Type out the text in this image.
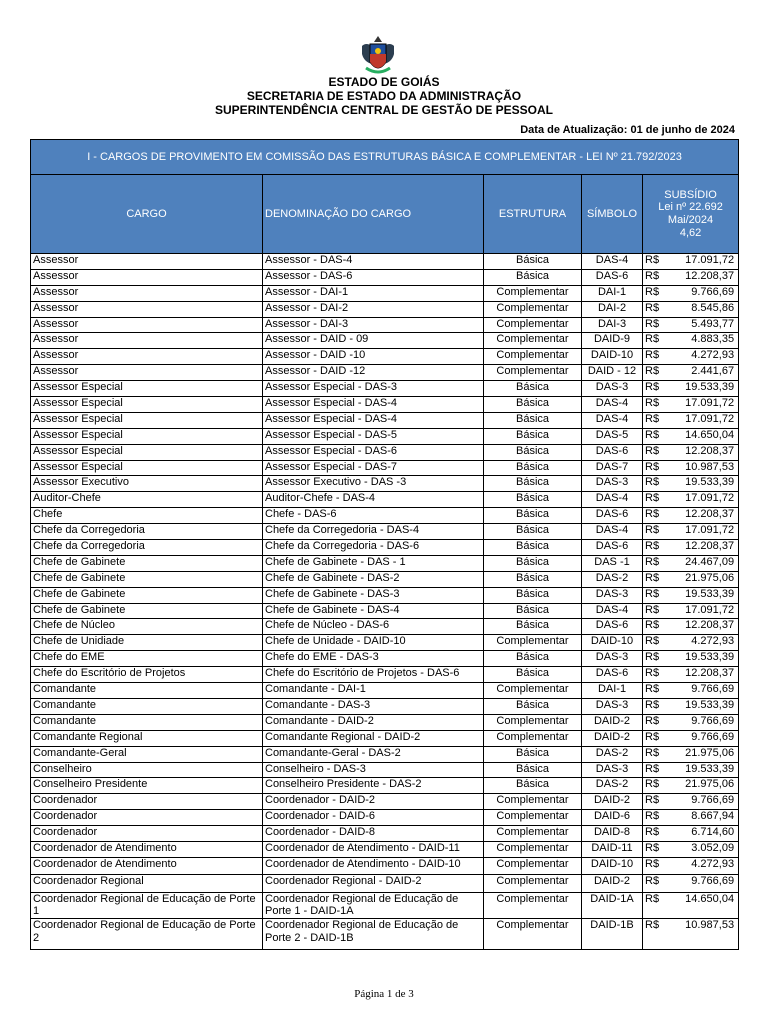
ESTADO DE GOIÁS
SECRETARIA DE ESTADO DA ADMINISTRAÇÃO
SUPERINTENDÊNCIA CENTRAL DE GESTÃO DE PESSOAL
Data de Atualização: 01 de junho de 2024
I - CARGOS DE PROVIMENTO EM COMISSÃO DAS ESTRUTURAS BÁSICA E COMPLEMENTAR - LEI Nº 21.792/2023					
CARGO	DENOMINAÇÃO DO CARGO	ESTRUTURA	SÍMBOLO	SUBSÍDIO
Lei nº 22.692
Mai/2024
4,62	

Assessor	Assessor - DAS-4	Básica	DAS-4	R$	17.091,72
Assessor	Assessor - DAS-6	Básica	DAS-6	R$	12.208,37
Assessor	Assessor - DAI-1	Complementar	DAI-1	R$	9.766,69
Assessor	Assessor - DAI-2	Complementar	DAI-2	R$	8.545,86
Assessor	Assessor - DAI-3	Complementar	DAI-3	R$	5.493,77
Assessor	Assessor - DAID - 09	Complementar	DAID-9	R$	4.883,35
Assessor	Assessor - DAID -10	Complementar	DAID-10	R$	4.272,93
Assessor	Assessor - DAID -12	Complementar	DAID - 12	R$	2.441,67
Assessor Especial	Assessor Especial - DAS-3	Básica	DAS-3	R$	19.533,39
Assessor Especial	Assessor Especial - DAS-4	Básica	DAS-4	R$	17.091,72
Assessor Especial	Assessor Especial - DAS-4	Básica	DAS-4	R$	17.091,72
Assessor Especial	Assessor Especial - DAS-5	Básica	DAS-5	R$	14.650,04
Assessor Especial	Assessor Especial - DAS-6	Básica	DAS-6	R$	12.208,37
Assessor Especial	Assessor Especial - DAS-7	Básica	DAS-7	R$	10.987,53
Assessor Executivo	Assessor Executivo - DAS -3	Básica	DAS-3	R$	19.533,39
Auditor-Chefe	Auditor-Chefe - DAS-4	Básica	DAS-4	R$	17.091,72
Chefe	Chefe - DAS-6	Básica	DAS-6	R$	12.208,37
Chefe da Corregedoria	Chefe da Corregedoria - DAS-4	Básica	DAS-4	R$	17.091,72
Chefe da Corregedoria	Chefe da Corregedoria - DAS-6	Básica	DAS-6	R$	12.208,37
Chefe de Gabinete	Chefe de Gabinete - DAS - 1	Básica	DAS -1	R$	24.467,09
Chefe de Gabinete	Chefe de Gabinete - DAS-2	Básica	DAS-2	R$	21.975,06
Chefe de Gabinete	Chefe de Gabinete - DAS-3	Básica	DAS-3	R$	19.533,39
Chefe de Gabinete	Chefe de Gabinete - DAS-4	Básica	DAS-4	R$	17.091,72
Chefe de Núcleo	Chefe de Núcleo - DAS-6	Básica	DAS-6	R$	12.208,37
Chefe de Unidiade	Chefe de Unidade - DAID-10	Complementar	DAID-10	R$	4.272,93
Chefe do EME	Chefe do EME - DAS-3	Básica	DAS-3	R$	19.533,39
Chefe do Escritório de Projetos	Chefe do Escritório de Projetos - DAS-6	Básica	DAS-6	R$	12.208,37
Comandante	Comandante - DAI-1	Complementar	DAI-1	R$	9.766,69
Comandante	Comandante - DAS-3	Básica	DAS-3	R$	19.533,39
Comandante	Comandante - DAID-2	Complementar	DAID-2	R$	9.766,69
Comandante Regional	Comandante Regional - DAID-2	Complementar	DAID-2	R$	9.766,69
Comandante-Geral	Comandante-Geral - DAS-2	Básica	DAS-2	R$	21.975,06
Conselheiro	Conselheiro - DAS-3	Básica	DAS-3	R$	19.533,39
Conselheiro Presidente	Conselheiro Presidente - DAS-2	Básica	DAS-2	R$	21.975,06
Coordenador	Coordenador - DAID-2	Complementar	DAID-2	R$	9.766,69
Coordenador	Coordenador - DAID-6	Complementar	DAID-6	R$	8.667,94
Coordenador	Coordenador - DAID-8	Complementar	DAID-8	R$	6.714,60
Coordenador de Atendimento	Coordenador de Atendimento - DAID-11	Complementar	DAID-11	R$	3.052,09
Coordenador de Atendimento	Coordenador de Atendimento - DAID-10	Complementar	DAID-10	R$	4.272,93
Coordenador Regional	Coordenador Regional - DAID-2	Complementar	DAID-2	R$	9.766,69
Coordenador Regional de Educação de Porte 1	Coordenador Regional de Educação de Porte 1 - DAID-1A	Complementar	DAID-1A	R$	14.650,04
Coordenador Regional de Educação de Porte 2	Coordenador Regional de Educação de Porte 2 - DAID-1B	Complementar	DAID-1B	R$	10.987,53
Página 1 de 3
